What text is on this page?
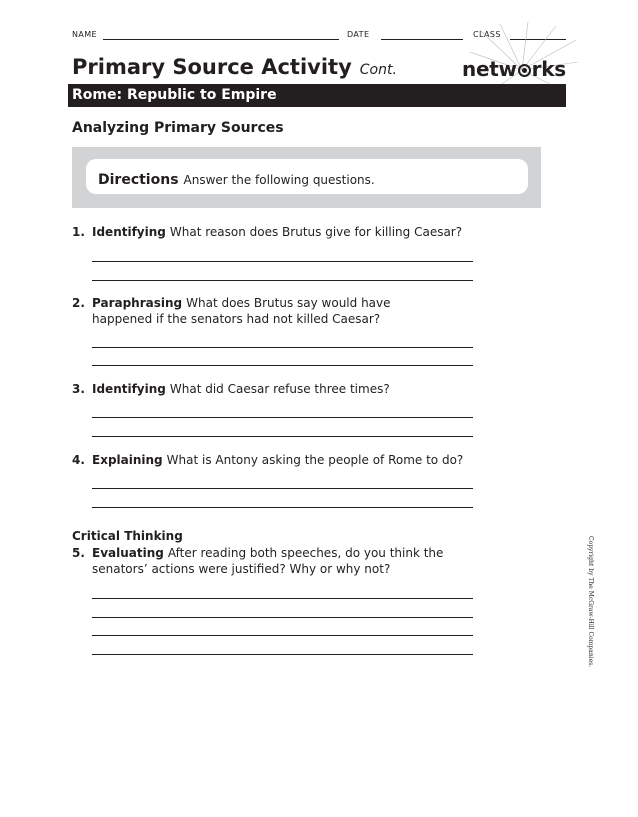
NAME	DATE	CLASS
Primary Source Activity Cont.	netw rks
Rome: Republic to Empire
Analyzing Primary Sources
Directions Answer the following questions.
1. Identifying What reason does Brutus give for killing Caesar?
2. Paraphrasing What does Brutus say would have
happened if the senators had not killed Caesar?
3. Identifying What did Caesar refuse three times?
4. Explaining What is Antony asking the people of Rome to do?
Critical Thinking
5. Evaluating After reading both speeches, do you think the
senators’ actions were justified? Why or why not?	Copyright by The McGraw-Hill Companies.
